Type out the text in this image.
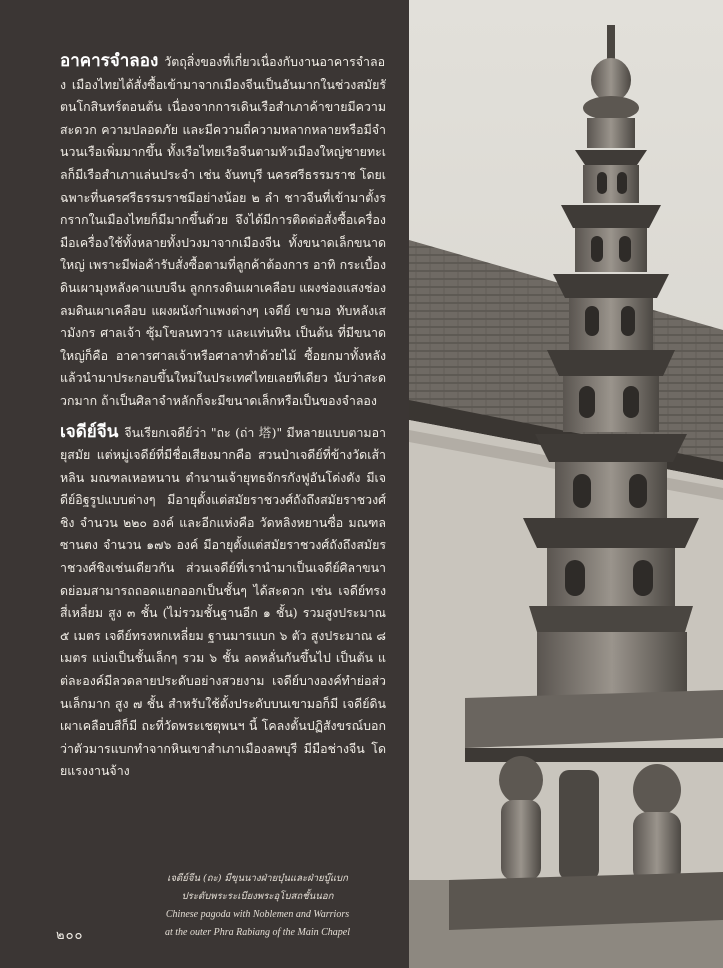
อาคารจำลอง วัตถุสิ่งของที่เกี่ยวเนื่องกับงานอาคารจำลอง เมืองไทยได้สั่งซื้อเข้ามาจากเมืองจีนเป็นอันมากในช่วงสมัยรัตนโกสินทร์ตอนต้น เนื่องจากการเดินเรือสำเภาค้าขายมีความสะดวก ความปลอดภัย และมีความถี่ความหลากหลายหรือมีจำนวนเรือเพิ่มมากขึ้น ทั้งเรือไทยเรือจีนตามหัวเมืองใหญ่ชายทะเลก็มีเรือสำเภาแล่นประจำ เช่น จันทบุรี นครศรีธรรมราช โดยเฉพาะที่นครศรีธรรมราชมีอย่างน้อย ๒ ลำ ชาวจีนที่เข้ามาตั้งรกรากในเมืองไทยก็มีมากขึ้นด้วย จึงได้มีการติดต่อสั่งซื้อเครื่องมือเครื่องใช้ทั้งหลายทั้งปวงมาจากเมืองจีน ทั้งขนาดเล็กขนาดใหญ่ เพราะมีพ่อค้ารับสั่งซื้อตามที่ลูกค้าต้องการ อาทิ กระเบื้องดินเผามุงหลังคาแบบจีน ลูกกรงดินเผาเคลือบ แผงช่องแสงช่องลมดินเผาเคลือบ แผงผนังกำแพงต่างๆ เจดีย์ เขามอ ทับหลังเสามังกร ศาลเจ้า ซุ้มโขลนทวาร และแท่นหิน เป็นต้น ที่มีขนาดใหญ่ก็คือ อาคารศาลเจ้าหรือศาลาทำด้วยไม้ ซื้อยกมาทั้งหลัง แล้วนำมาประกอบขึ้นใหม่ในประเทศไทยเลยทีเดียว นับว่าสะดวกมาก ถ้าเป็นศิลาจำหลักก็จะมีขนาดเล็กหรือเป็นของจำลอง

เจดีย์จีน จีนเรียกเจดีย์ว่า "ถะ (ถ่า 塔)" มีหลายแบบตามอายุสมัย แต่หมู่เจดีย์ที่มีชื่อเสียงมากคือ สวนป่าเจดีย์ที่ข้างวัดเส้าหลิน มณฑลเหอหนาน ตำนานเจ้ายุทธจักรกังฟูอันโด่งดัง มีเจดีย์อิฐรูปแบบต่างๆ มีอายุตั้งแต่สมัยราชวงศ์ถังถึงสมัยราชวงศ์ชิง จำนวน ๒๒๐ องค์ และอีกแห่งคือ วัดหลิงหยานซื่อ มณฑลซานตง จำนวน ๑๗๖ องค์ มีอายุตั้งแต่สมัยราชวงศ์ถังถึงสมัยราชวงศ์ชิงเช่นเดียวกัน ส่วนเจดีย์ที่เรานำมาเป็นเจดีย์ศิลาขนาดย่อมสามารถถอดแยกออกเป็นชั้นๆ ได้สะดวก เช่น เจดีย์ทรงสี่เหลี่ยม สูง ๓ ชั้น (ไม่รวมชั้นฐานอีก ๑ ชั้น) รวมสูงประมาณ ๕ เมตร เจดีย์ทรงหกเหลี่ยม ฐานมารแบก ๖ ตัว สูงประมาณ ๘ เมตร แบ่งเป็นชั้นเล็กๆ รวม ๖ ชั้น ลดหลั่นกันขึ้นไป เป็นต้น แต่ละองค์มีลวดลายประดับอย่างสวยงาม เจดีย์บางองค์ทำย่อส่วนเล็กมาก สูง ๗ ชั้น สำหรับใช้ตั้งประดับบนเขามอก็มี เจดีย์ดินเผาเคลือบสีก็มี ถะที่วัดพระเชตุพนฯ นี้ โคลงตั้นปฏิสังขรณ์บอกว่าตัวมารแบกทำจากหินเขาสำเภาเมืองลพบุรี มีมือช่างจีน โดยแรงงานจ้าง

เจดีย์จีน (ถะ) มีขุนนางฝ่ายบุ๋นและฝ่ายบู๊แบก
ประดับพระระเบียงพระอุโบสถชั้นนอก
Chinese pagoda with Noblemen and Warriors
at the outer Phra Rabiang of the Main Chapel
๒๐๐
